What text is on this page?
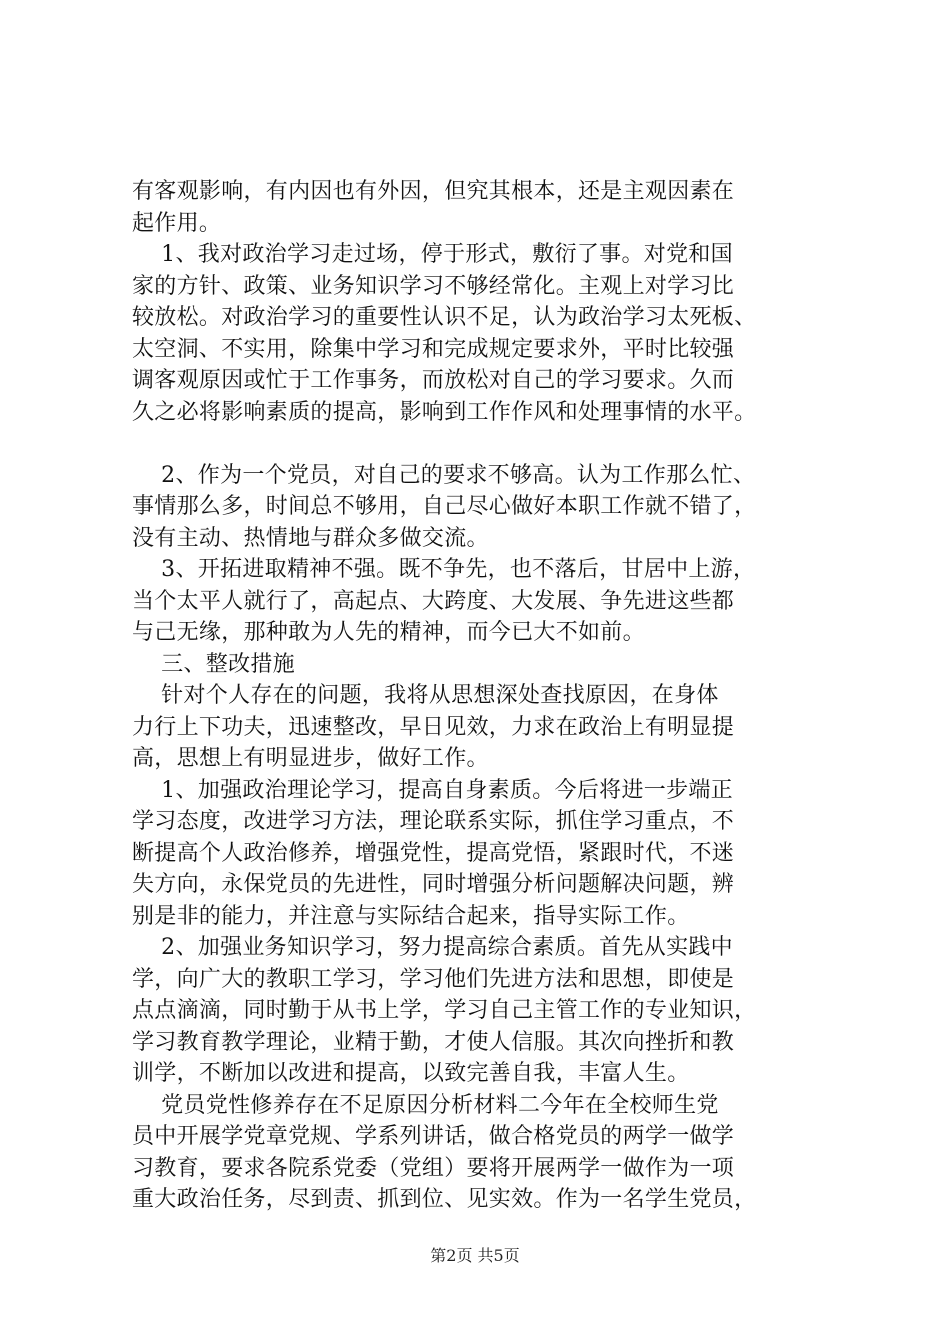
有客观影响，有内因也有外因，但究其根本，还是主观因素在
起作用。
1、我对政治学习走过场，停于形式，敷衍了事。对党和国
家的方针、政策、业务知识学习不够经常化。主观上对学习比
较放松。对政治学习的重要性认识不足，认为政治学习太死板、
太空洞、不实用，除集中学习和完成规定要求外，平时比较强
调客观原因或忙于工作事务，而放松对自己的学习要求。久而
久之必将影响素质的提高，影响到工作作风和处理事情的水平。
2、作为一个党员，对自己的要求不够高。认为工作那么忙、
事情那么多，时间总不够用，自己尽心做好本职工作就不错了，
没有主动、热情地与群众多做交流。
3、开拓进取精神不强。既不争先，也不落后，甘居中上游，
当个太平人就行了，高起点、大跨度、大发展、争先进这些都
与己无缘，那种敢为人先的精神，而今已大不如前。
三、整改措施
针对个人存在的问题，我将从思想深处查找原因，在身体
力行上下功夫，迅速整改，早日见效，力求在政治上有明显提
高，思想上有明显进步，做好工作。
1、加强政治理论学习，提高自身素质。今后将进一步端正
学习态度，改进学习方法，理论联系实际，抓住学习重点，不
断提高个人政治修养，增强党性，提高党悟，紧跟时代，不迷
失方向，永保党员的先进性，同时增强分析问题解决问题，辨
别是非的能力，并注意与实际结合起来，指导实际工作。
2、加强业务知识学习，努力提高综合素质。首先从实践中
学，向广大的教职工学习，学习他们先进方法和思想，即使是
点点滴滴，同时勤于从书上学，学习自己主管工作的专业知识，
学习教育教学理论，业精于勤，才使人信服。其次向挫折和教
训学，不断加以改进和提高，以致完善自我，丰富人生。
党员党性修养存在不足原因分析材料二今年在全校师生党
员中开展学党章党规、学系列讲话，做合格党员的两学一做学
习教育，要求各院系党委（党组）要将开展两学一做作为一项
重大政治任务，尽到责、抓到位、见实效。作为一名学生党员，
第2页 共5页
